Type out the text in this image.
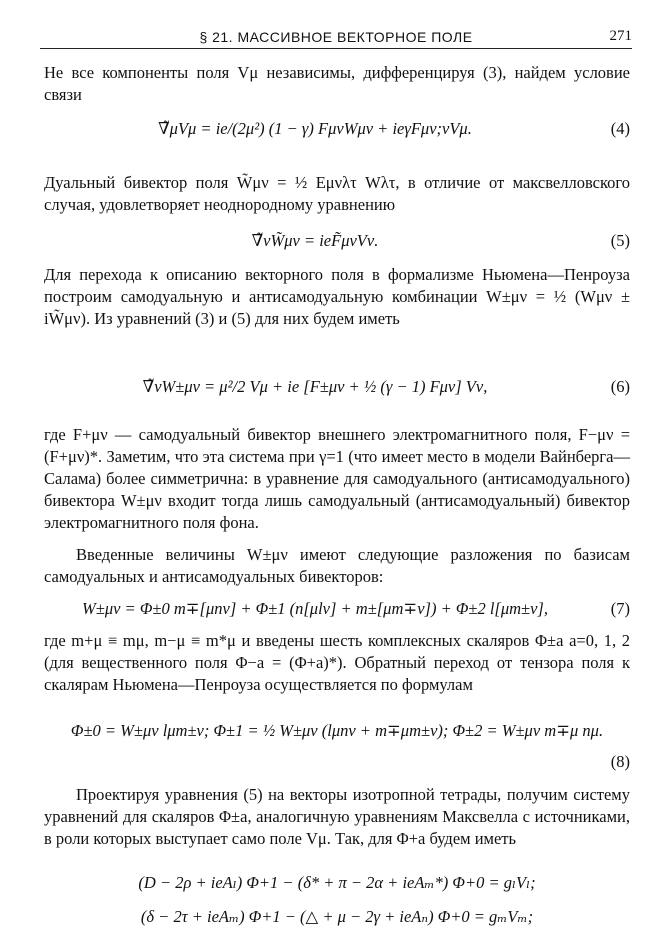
§ 21. МАССИВНОЕ ВЕКТОРНОЕ ПОЛЕ	271

Не все компоненты поля Vμ независимы, дифференцируя (3), найдем условие связи

∇̃μVμ = ie/(2μ²) (1 − γ) FμνWμν + ieγFμν;νVμ.	(4)

Дуальный бивектор поля W̃μν = ½ Eμνλτ Wλτ, в отличие от максвелловского случая, удовлетворяет неоднородному уравнению

∇̃νW̃μν = ieF̃μνVν.	(5)

Для перехода к описанию векторного поля в формализме Ньюмена—Пенроуза построим самодуальную и антисамодуальную комбинации W±μν = ½ (Wμν ± iW̃μν). Из уравнений (3) и (5) для них будем иметь

∇̃νW±μν = μ²/2 Vμ + ie [F±μν + ½ (γ − 1) Fμν] Vν,	(6)

где F+μν — самодуальный бивектор внешнего электромагнитного поля, F−μν = (F+μν)*. Заметим, что эта система при γ=1 (что имеет место в модели Вайнберга—Салама) более симметрична: в уравнение для самодуального (антисамодуального) бивектора W±μν входит тогда лишь самодуальный (антисамодуальный) бивектор электромагнитного поля фона.

Введенные величины W±μν имеют следующие разложения по базисам самодуальных и антисамодуальных бивекторов:

W±μν = Φ±0 m∓[μnν] + Φ±1 (n[μlν] + m±[μm∓ν]) + Φ±2 l[μm±ν],	(7)

где m+μ ≡ mμ, m−μ ≡ m*μ и введены шесть комплексных скаляров Φ±a a=0, 1, 2 (для вещественного поля Φ−a = (Φ+a)*). Обратный переход от тензора поля к скалярам Ньюмена—Пенроуза осуществляется по формулам

Φ±0 = W±μν lμm±ν; Φ±1 = ½ W±μν (lμnν + m∓μm±ν); Φ±2 = W±μν m∓μ nμ.
(8)

Проектируя уравнения (5) на векторы изотропной тетрады, получим систему уравнений для скаляров Φ±a, аналогичную уравнениям Максвелла с источниками, в роли которых выступает само поле Vμ. Так, для Φ+a будем иметь

(D − 2ρ + ieAₗ) Φ+1 − (δ* + π − 2α + ieAₘ*) Φ+0 = gₗVₗ;
(δ − 2τ + ieAₘ) Φ+1 − (△ + μ − 2γ + ieAₙ) Φ+0 = gₘVₘ;
